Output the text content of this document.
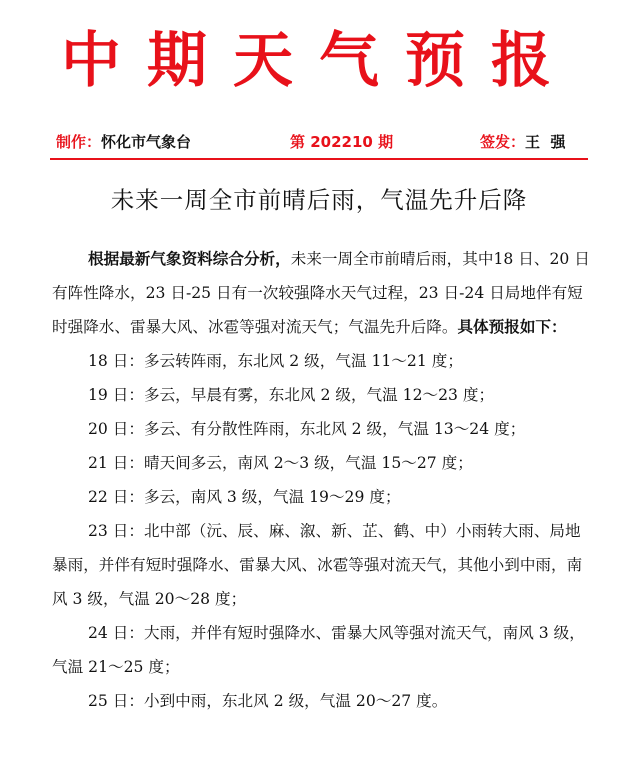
中期天气预报
制作：怀化市气象台	第 202210 期	签发：王  强
未来一周全市前晴后雨，气温先升后降

根据最新气象资料综合分析，未来一周全市前晴后雨，其中18 日、20 日有阵性降水，23 日-25 日有一次较强降水天气过程，23 日-24 日局地伴有短时强降水、雷暴大风、冰雹等强对流天气；气温先升后降。具体预报如下：

18 日：多云转阵雨，东北风 2 级，气温 11～21 度；

19 日：多云，早晨有雾，东北风 2 级，气温 12～23 度；

20 日：多云、有分散性阵雨，东北风 2 级，气温 13～24 度；

21 日：晴天间多云，南风 2～3 级，气温 15～27 度；

22 日：多云，南风 3 级，气温 19～29 度；

23 日：北中部（沅、辰、麻、溆、新、芷、鹤、中）小雨转大雨、局地暴雨，并伴有短时强降水、雷暴大风、冰雹等强对流天气，其他小到中雨，南风 3 级，气温 20～28 度；

24 日：大雨，并伴有短时强降水、雷暴大风等强对流天气，南风 3 级，气温 21～25 度；

25 日：小到中雨，东北风 2 级，气温 20～27 度。
